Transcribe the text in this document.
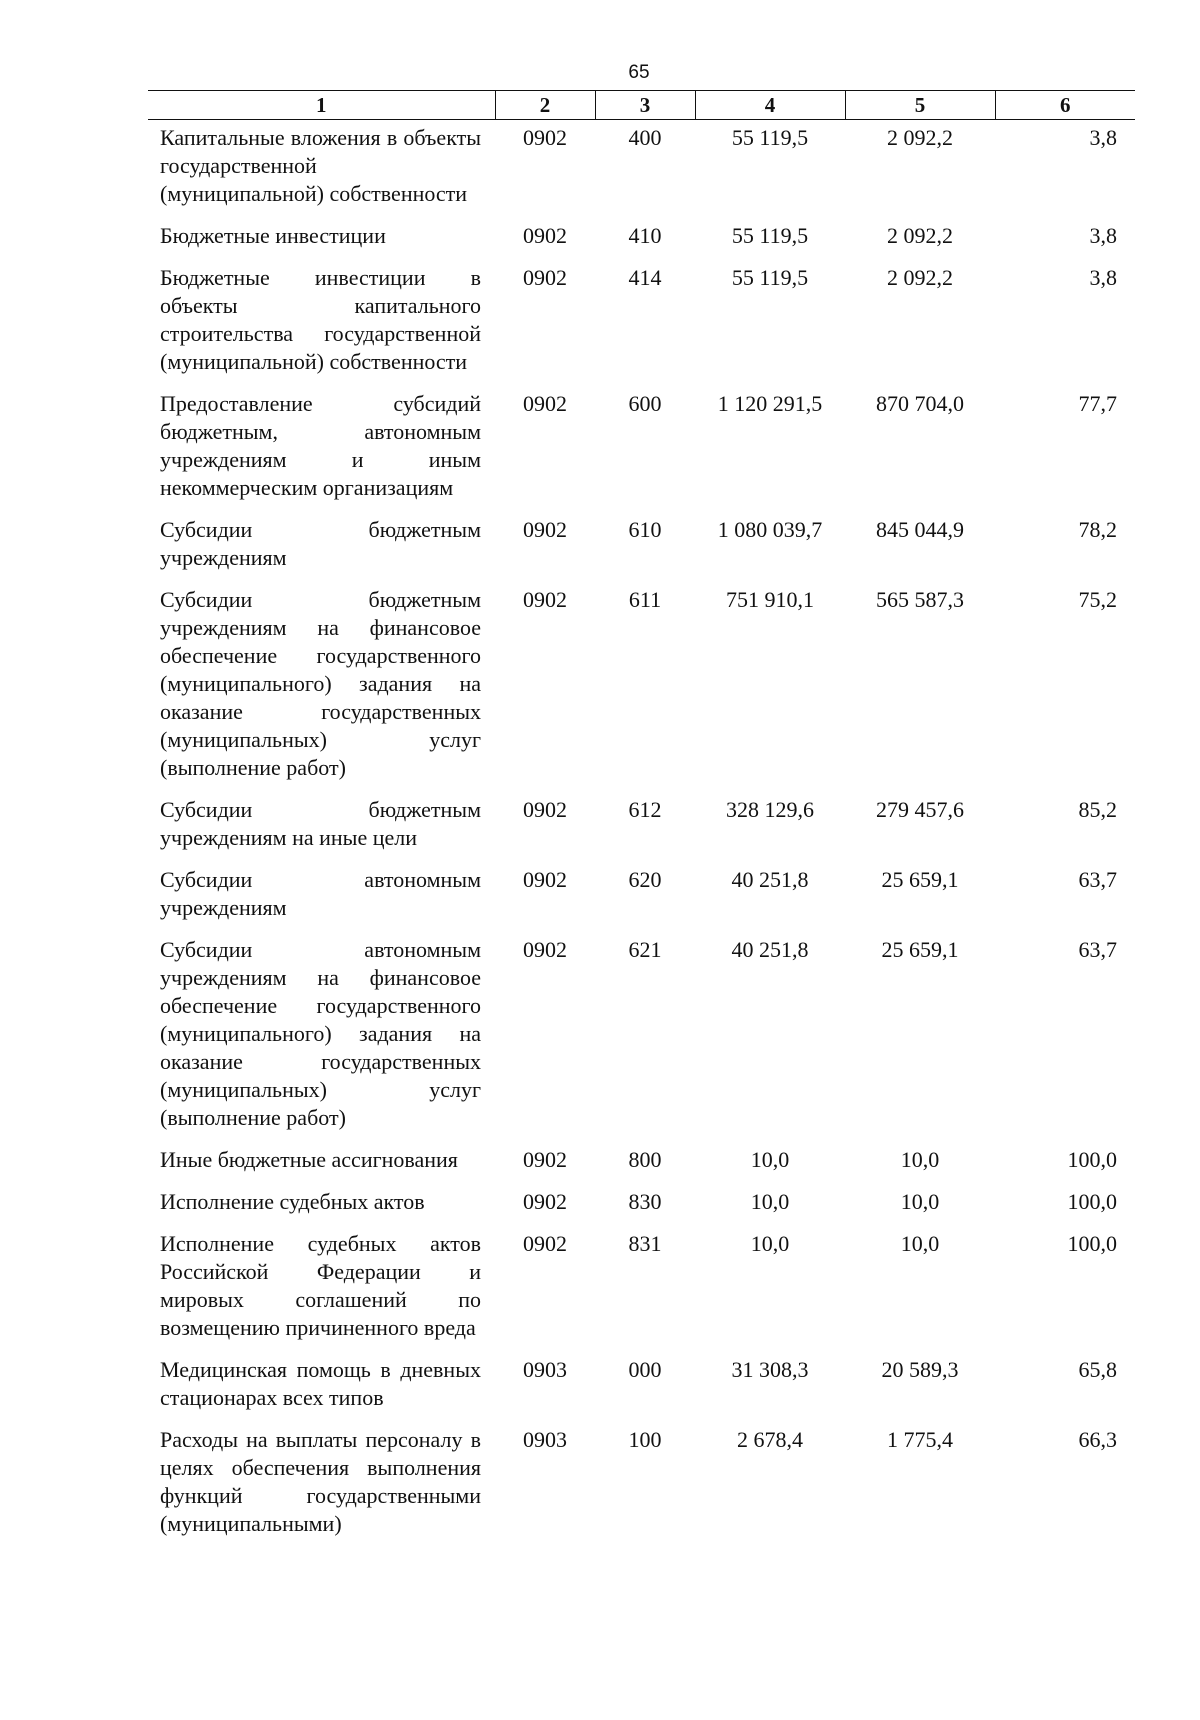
65
1	2	3	4	5	6
Капитальные вложения в объекты государственной (муниципальной) собственности	0902	400	55 119,5	2 092,2	3,8
Бюджетные инвестиции	0902	410	55 119,5	2 092,2	3,8
Бюджетные инвестиции в объекты капитального строительства государственной (муниципальной) собственности	0902	414	55 119,5	2 092,2	3,8
Предоставление субсидий бюджетным, автономным учреждениям и иным некоммерческим организациям	0902	600	1 120 291,5	870 704,0	77,7
Субсидии бюджетным учреждениям	0902	610	1 080 039,7	845 044,9	78,2
Субсидии бюджетным учреждениям на финансовое обеспечение государственного (муниципального) задания на оказание государственных (муниципальных) услуг (выполнение работ)	0902	611	751 910,1	565 587,3	75,2
Субсидии бюджетным учреждениям на иные цели	0902	612	328 129,6	279 457,6	85,2
Субсидии автономным учреждениям	0902	620	40 251,8	25 659,1	63,7
Субсидии автономным учреждениям на финансовое обеспечение государственного (муниципального) задания на оказание государственных (муниципальных) услуг (выполнение работ)	0902	621	40 251,8	25 659,1	63,7
Иные бюджетные ассигнования	0902	800	10,0	10,0	100,0
Исполнение судебных актов	0902	830	10,0	10,0	100,0
Исполнение судебных актов Российской Федерации и мировых соглашений по возмещению причиненного вреда	0902	831	10,0	10,0	100,0
Медицинская помощь в дневных стационарах всех типов	0903	000	31 308,3	20 589,3	65,8
Расходы на выплаты персоналу в целях обеспечения выполнения функций государственными (муниципальными)	0903	100	2 678,4	1 775,4	66,3
